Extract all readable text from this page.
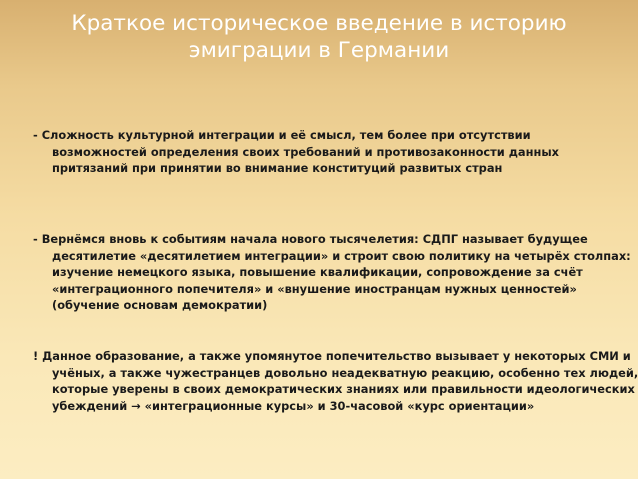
Краткое историческое введение в историю
эмиграции в Германии

- Сложность культурной интеграции и её смысл, тем более при отсутствии возможностей определения своих требований и противозаконности данных притязаний при принятии во внимание конституций развитых стран

- Вернёмся вновь к событиям начала нового тысячелетия: СДПГ называет будущее десятилетие «десятилетием интеграции» и строит свою политику на четырёх столпах: изучение немецкого языка, повышение квалификации, сопровождение за счёт «интеграционного попечителя» и «внушение иностранцам нужных ценностей» (обучение основам демократии)

! Данное образование, а также упомянутое попечительство вызывает у некоторых СМИ и учёных, а также чужестранцев довольно неадекватную реакцию, особенно тех людей, которые уверены в своих демократических знаниях или правильности идеологических убеждений → «интеграционные курсы» и 30-часовой «курс ориентации»
